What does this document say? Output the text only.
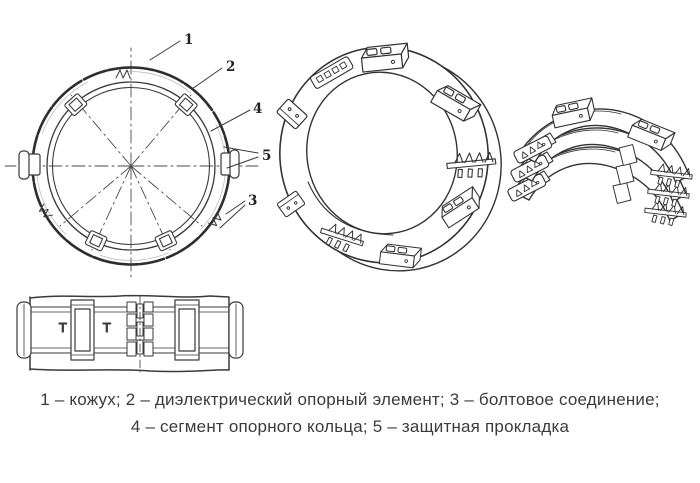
1
2
4
5
3
T	T

1 – кожух; 2 – диэлектрический опорный элемент; 3 – болтовое соединение;

4 – сегмент опорного кольца; 5 – защитная прокладка
